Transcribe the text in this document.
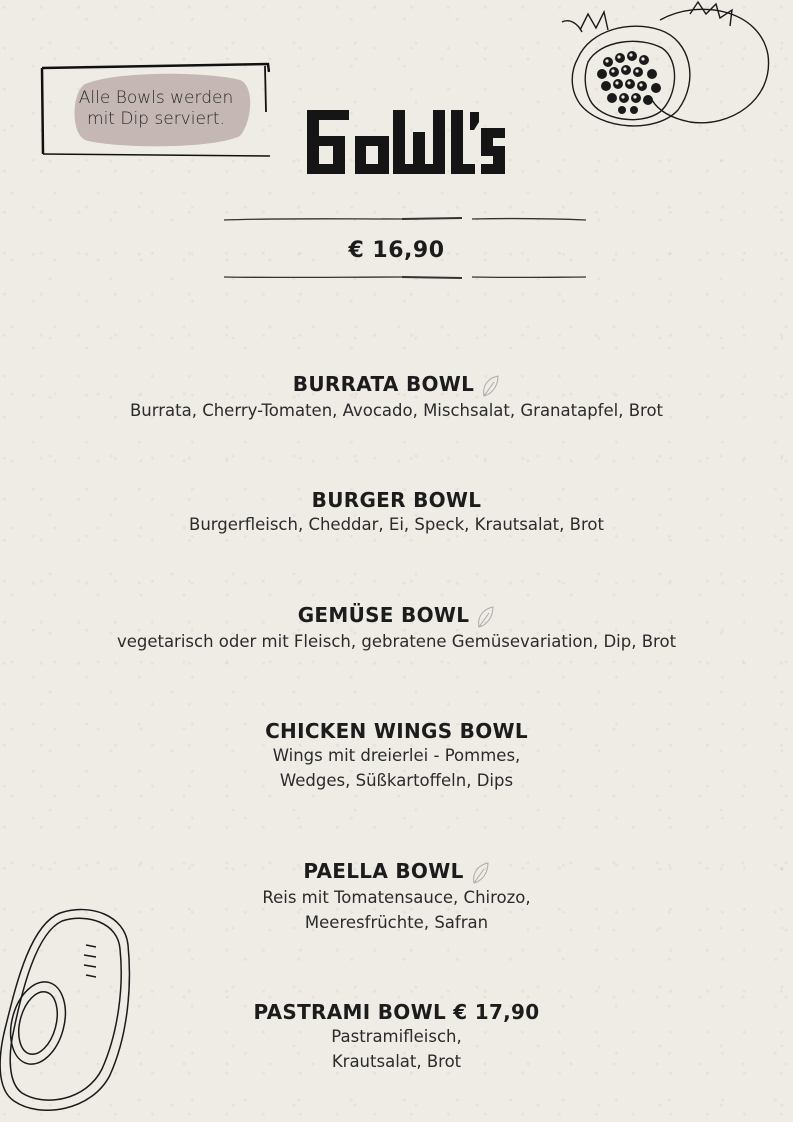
Alle Bowls werden
mit Dip serviert.
€ 16,90
BURRATA BOWL
Burrata, Cherry-Tomaten, Avocado, Mischsalat, Granatapfel, Brot
BURGER BOWL
Burgerfleisch, Cheddar, Ei, Speck, Krautsalat, Brot
GEMÜSE BOWL
vegetarisch oder mit Fleisch, gebratene Gemüsevariation, Dip, Brot
CHICKEN WINGS BOWL
Wings mit dreierlei - Pommes,
Wedges, Süßkartoffeln, Dips
PAELLA BOWL
Reis mit Tomatensauce, Chirozo,
Meeresfrüchte, Safran
PASTRAMI BOWL € 17,90
Pastramifleisch,
Krautsalat, Brot
